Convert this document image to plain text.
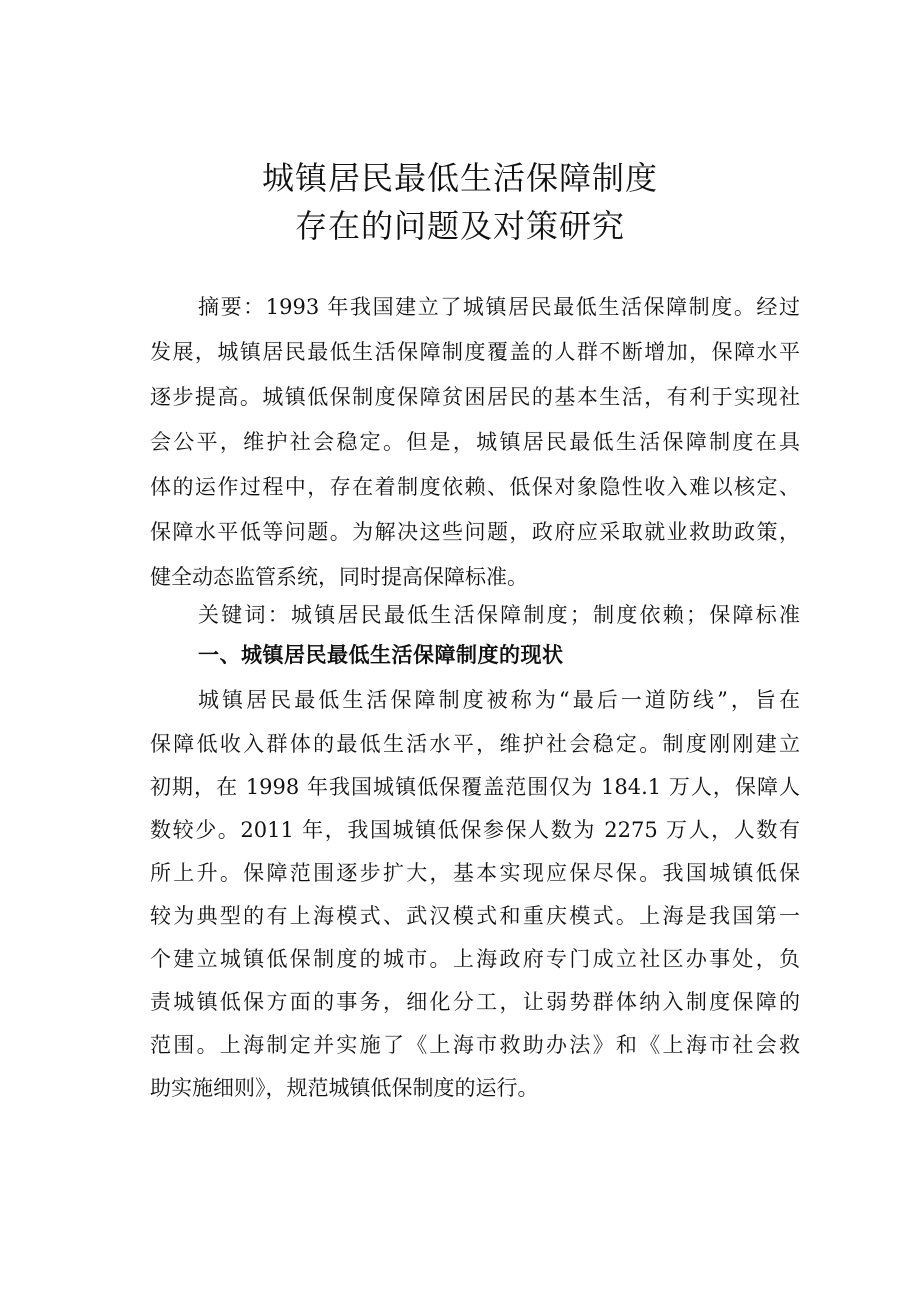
城镇居民最低生活保障制度
存在的问题及对策研究
摘要：1993 年我国建立了城镇居民最低生活保障制度。经过
发展，城镇居民最低生活保障制度覆盖的人群不断增加，保障水平
逐步提高。城镇低保制度保障贫困居民的基本生活，有利于实现社
会公平，维护社会稳定。但是，城镇居民最低生活保障制度在具
体的运作过程中，存在着制度依赖、低保对象隐性收入难以核定、
保障水平低等问题。为解决这些问题，政府应采取就业救助政策，
健全动态监管系统，同时提高保障标准。
关键词：城镇居民最低生活保障制度；制度依赖；保障标准
一、城镇居民最低生活保障制度的现状
城镇居民最低生活保障制度被称为“最后一道防线”，旨在
保障低收入群体的最低生活水平，维护社会稳定。制度刚刚建立
初期，在 1998 年我国城镇低保覆盖范围仅为 184.1 万人，保障人
数较少。2011 年，我国城镇低保参保人数为 2275 万人，人数有
所上升。保障范围逐步扩大，基本实现应保尽保。我国城镇低保
较为典型的有上海模式、武汉模式和重庆模式。上海是我国第一
个建立城镇低保制度的城市。上海政府专门成立社区办事处，负
责城镇低保方面的事务，细化分工，让弱势群体纳入制度保障的
范围。上海制定并实施了《上海市救助办法》和《上海市社会救
助实施细则》，规范城镇低保制度的运行。
